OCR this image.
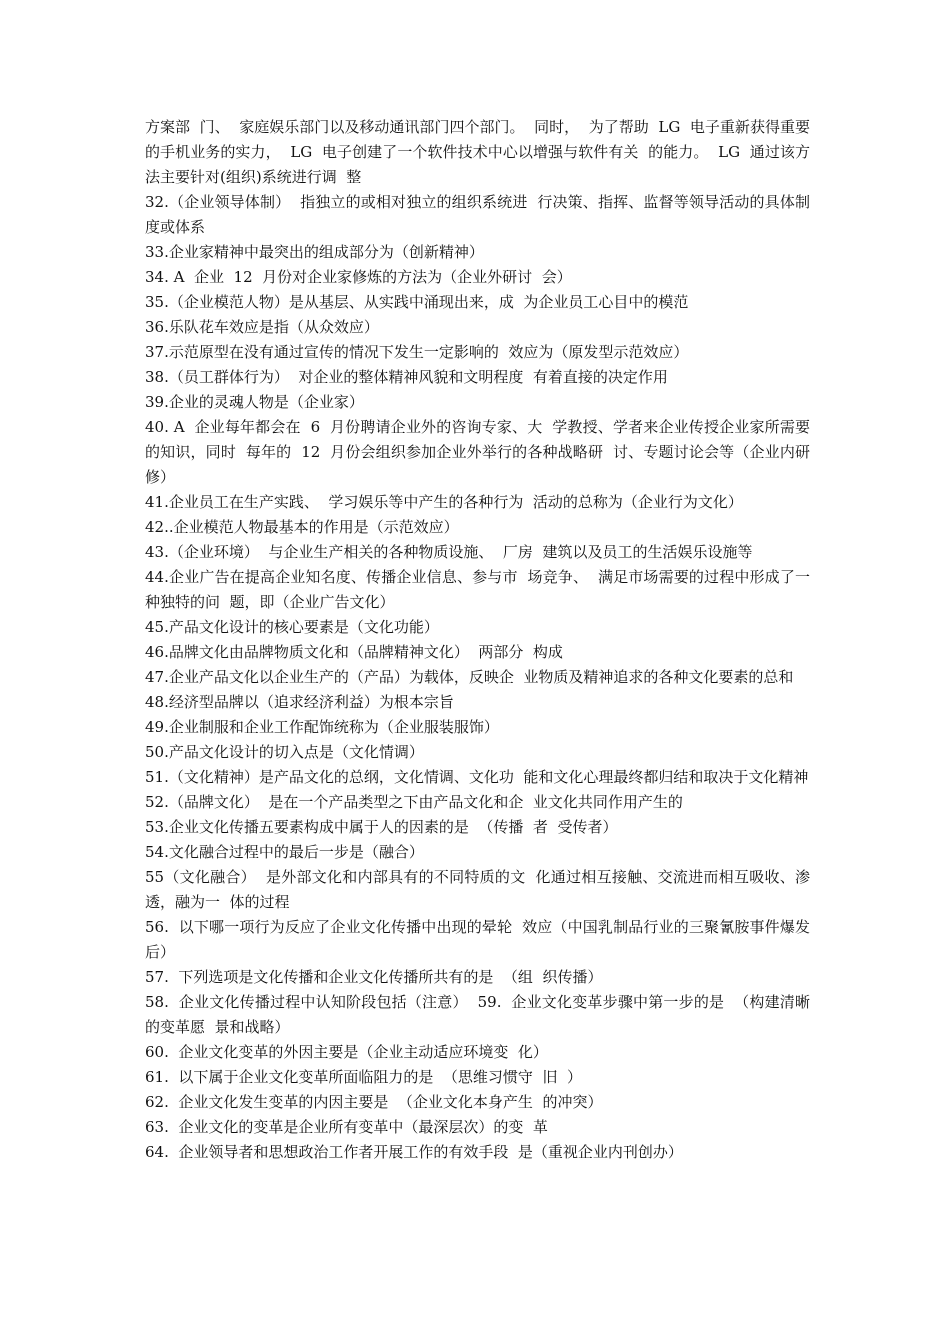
方案部  门、  家庭娱乐部门以及移动通讯部门四个部门。  同时，  为了帮助  LG  电子重新获得重要的手机业务的实力，  LG  电子创建了一个软件技术中心以增强与软件有关  的能力。  LG  通过该方法主要针对(组织)系统进行调  整

32.（企业领导体制）  指独立的或相对独立的组织系统进  行决策、指挥、监督等领导活动的具体制度或体系

33.企业家精神中最突出的组成部分为（创新精神）

34. A  企业  12  月份对企业家修炼的方法为（企业外研讨  会）

35.（企业模范人物）是从基层、从实践中涌现出来，成  为企业员工心目中的模范

36.乐队花车效应是指（从众效应）

37.示范原型在没有通过宣传的情况下发生一定影响的  效应为（原发型示范效应）

38.（员工群体行为）  对企业的整体精神风貌和文明程度  有着直接的决定作用

39.企业的灵魂人物是（企业家）

40. A  企业每年都会在  6  月份聘请企业外的咨询专家、大  学教授、学者来企业传授企业家所需要的知识，同时  每年的  12  月份会组织参加企业外举行的各种战略研  讨、专题讨论会等（企业内研修）

41.企业员工在生产实践、  学习娱乐等中产生的各种行为  活动的总称为（企业行为文化）

42..企业模范人物最基本的作用是（示范效应）

43.（企业环境）  与企业生产相关的各种物质设施、  厂房  建筑以及员工的生活娱乐设施等

44.企业广告在提高企业知名度、传播企业信息、参与市  场竞争、  满足市场需要的过程中形成了一种独特的问  题，即（企业广告文化）

45.产品文化设计的核心要素是（文化功能）

46.品牌文化由品牌物质文化和（品牌精神文化）  两部分  构成

47.企业产品文化以企业生产的（产品）为载体，反映企  业物质及精神追求的各种文化要素的总和

48.经济型品牌以（追求经济利益）为根本宗旨

49.企业制服和企业工作配饰统称为（企业服装服饰）

50.产品文化设计的切入点是（文化情调）

51.（文化精神）是产品文化的总纲，文化情调、文化功  能和文化心理最终都归结和取决于文化精神

52.（品牌文化）  是在一个产品类型之下由产品文化和企  业文化共同作用产生的

53.企业文化传播五要素构成中属于人的因素的是  （传播  者  受传者）

54.文化融合过程中的最后一步是（融合）

55（文化融合）  是外部文化和内部具有的不同特质的文  化通过相互接触、交流进而相互吸收、渗透，融为一  体的过程

56.  以下哪一项行为反应了企业文化传播中出现的晕轮  效应（中国乳制品行业的三聚氰胺事件爆发后）

57.  下列选项是文化传播和企业文化传播所共有的是  （组  织传播）

58.  企业文化传播过程中认知阶段包括（注意）  59.  企业文化变革步骤中第一步的是  （构建清晰的变革愿  景和战略）

60.  企业文化变革的外因主要是（企业主动适应环境变  化）

61.  以下属于企业文化变革所面临阻力的是  （思维习惯守  旧  ）

62.  企业文化发生变革的内因主要是  （企业文化本身产生  的冲突）

63.  企业文化的变革是企业所有变革中（最深层次）的变  革

64.  企业领导者和思想政治工作者开展工作的有效手段  是（重视企业内刊创办）
